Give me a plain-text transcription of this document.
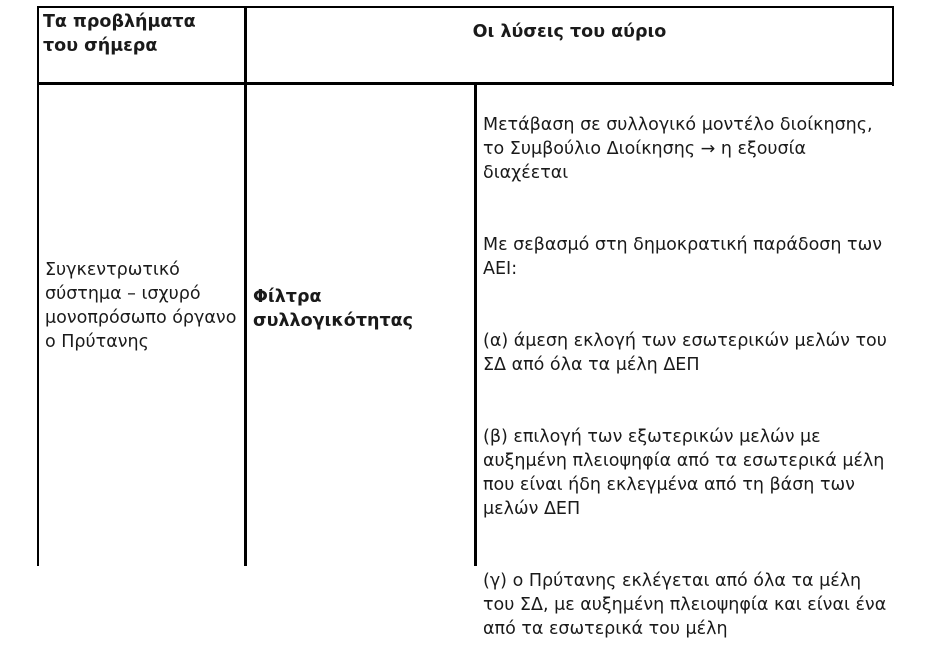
Τα προβλήματα
του σήμερα
Οι λύσεις του αύριο
Συγκεντρωτικό
σύστημα – ισχυρό
μονοπρόσωπο όργανο
ο Πρύτανης
Φίλτρα
συλλογικότητας

Μετάβαση σε συλλογικό μοντέλο διοίκησης,
το Συμβούλιο Διοίκησης → η εξουσία
διαχέεται

Με σεβασμό στη δημοκρατική παράδοση των
ΑΕΙ:

(α) άμεση εκλογή των εσωτερικών μελών του
ΣΔ από όλα τα μέλη ΔΕΠ

(β) επιλογή των εξωτερικών μελών με
αυξημένη πλειοψηφία από τα εσωτερικά μέλη
που είναι ήδη εκλεγμένα από τη βάση των
μελών ΔΕΠ

(γ) ο Πρύτανης εκλέγεται από όλα τα μέλη
του ΣΔ, με αυξημένη πλειοψηφία και είναι ένα
από τα εσωτερικά του μέλη
